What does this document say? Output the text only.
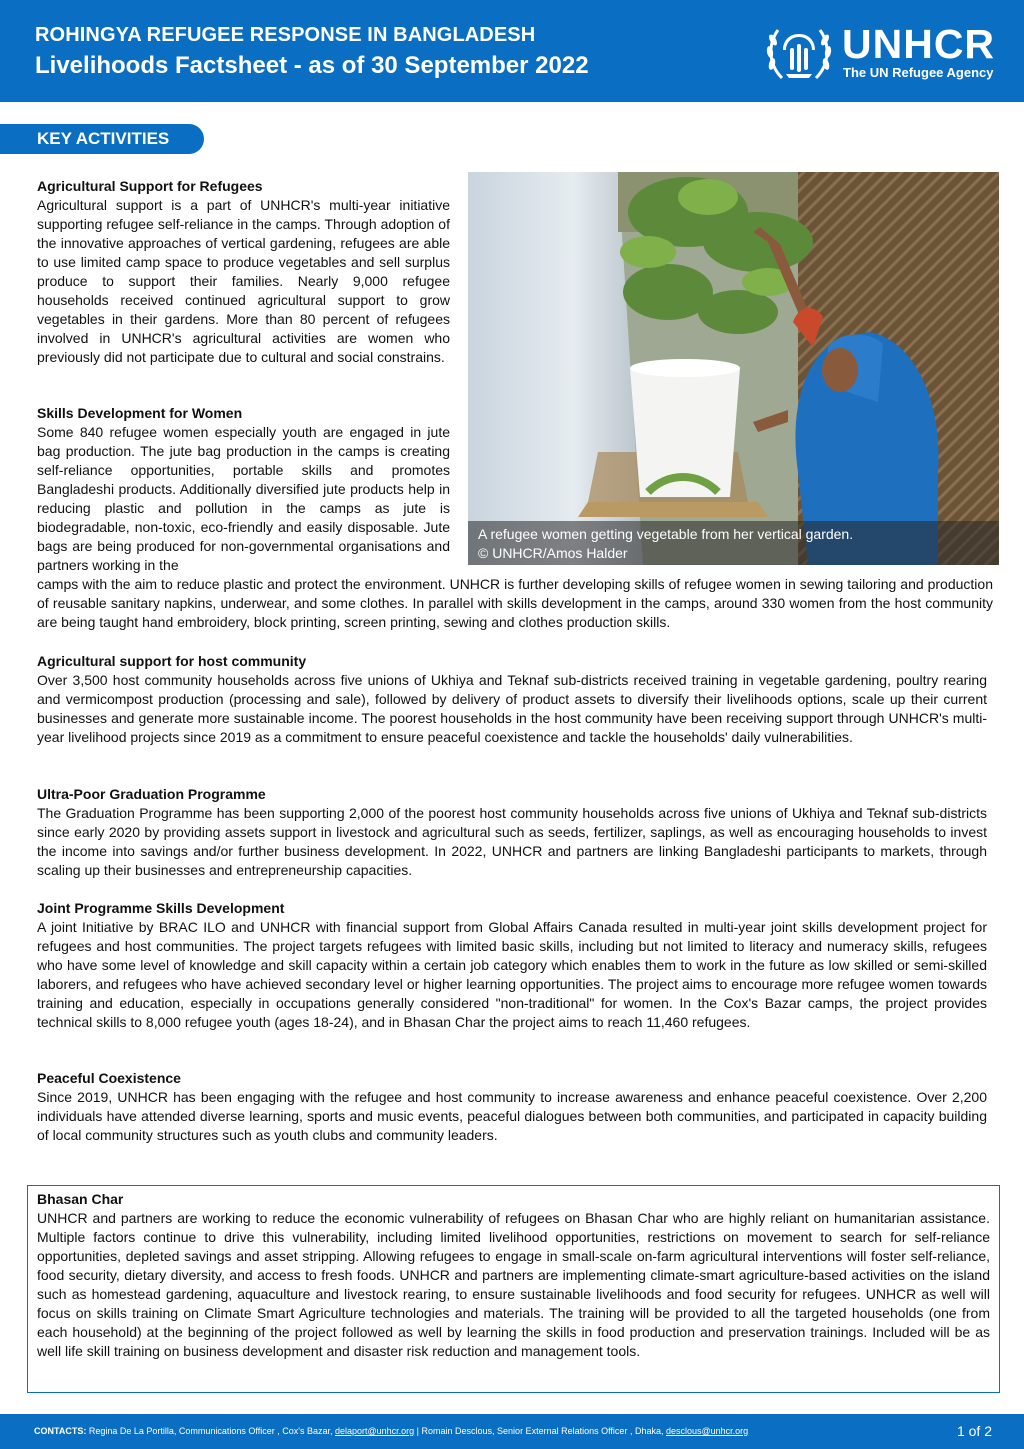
ROHINGYA REFUGEE RESPONSE IN BANGLADESH
Livelihoods Factsheet - as of 30 September 2022	UNHCR
The UN Refugee Agency
KEY ACTIVITIES
A refugee women getting vegetable from her vertical garden.
© UNHCR/Amos Halder
Agricultural Support for Refugees
Agricultural support is a part of UNHCR's multi-year initiative supporting refugee self-reliance in the camps. Through adoption of the innovative approaches of vertical gardening, refugees are able to use limited camp space to produce vegetables and sell surplus produce to support their families. Nearly 9,000 refugee households received continued agricultural support to grow vegetables in their gardens. More than 80 percent of refugees involved in UNHCR's agricultural activities are women who previously did not participate due to cultural and social constrains.
Skills Development for Women
Some 840 refugee women especially youth are engaged in jute bag production. The jute bag production in the camps is creating self-reliance opportunities, portable skills and promotes Bangladeshi products. Additionally diversified jute products help in reducing plastic and pollution in the camps as jute is biodegradable, non-toxic, eco-friendly and easily disposable. Jute bags are being produced for non-governmental organisations and partners working in the
camps with the aim to reduce plastic and protect the environment. UNHCR is further developing skills of refugee women in sewing tailoring and production of reusable sanitary napkins, underwear, and some clothes. In parallel with skills development in the camps, around 330 women from the host community are being taught hand embroidery, block printing, screen printing, sewing and clothes production skills.
Agricultural support for host community
Over 3,500 host community households across five unions of Ukhiya and Teknaf sub-districts received training in vegetable gardening, poultry rearing and vermicompost production (processing and sale), followed by delivery of product assets to diversify their livelihoods options, scale up their current businesses and generate more sustainable income. The poorest households in the host community have been receiving support through UNHCR's multi-year livelihood projects since 2019 as a commitment to ensure peaceful coexistence and tackle the households' daily vulnerabilities.
Ultra-Poor Graduation Programme
The Graduation Programme has been supporting 2,000 of the poorest host community households across five unions of Ukhiya and Teknaf sub-districts since early 2020 by providing assets support in livestock and agricultural such as seeds, fertilizer, saplings, as well as encouraging households to invest the income into savings and/or further business development. In 2022, UNHCR and partners are linking Bangladeshi participants to markets, through scaling up their businesses and entrepreneurship capacities.
Joint Programme Skills Development
A joint Initiative by BRAC ILO and UNHCR with financial support from Global Affairs Canada resulted in multi-year joint skills development project for refugees and host communities. The project targets refugees with limited basic skills, including but not limited to literacy and numeracy skills, refugees who have some level of knowledge and skill capacity within a certain job category which enables them to work in the future as low skilled or semi-skilled laborers, and refugees who have achieved secondary level or higher learning opportunities. The project aims to encourage more refugee women towards training and education, especially in occupations generally considered "non-traditional" for women. In the Cox's Bazar camps, the project provides technical skills to 8,000 refugee youth (ages 18-24), and in Bhasan Char the project aims to reach 11,460 refugees.
Peaceful Coexistence
Since 2019, UNHCR has been engaging with the refugee and host community to increase awareness and enhance peaceful coexistence. Over 2,200 individuals have attended diverse learning, sports and music events, peaceful dialogues between both communities, and participated in capacity building of local community structures such as youth clubs and community leaders.
Bhasan Char
UNHCR and partners are working to reduce the economic vulnerability of refugees on Bhasan Char who are highly reliant on humanitarian assistance. Multiple factors continue to drive this vulnerability, including limited livelihood opportunities, restrictions on movement to search for self-reliance opportunities, depleted savings and asset stripping. Allowing refugees to engage in small-scale on-farm agricultural interventions will foster self-reliance, food security, dietary diversity, and access to fresh foods. UNHCR and partners are implementing climate-smart agriculture-based activities on the island such as homestead gardening, aquaculture and livestock rearing, to ensure sustainable livelihoods and food security for refugees. UNHCR as well will focus on skills training on Climate Smart Agriculture technologies and materials. The training will be provided to all the targeted households (one from each household) at the beginning of the project followed as well by learning the skills in food production and preservation trainings. Included will be as well life skill training on business development and disaster risk reduction and management tools.
CONTACTS: Regina De La Portilla, Communications Officer , Cox's Bazar, delaport@unhcr.org | Romain Desclous, Senior External Relations Officer , Dhaka, desclous@unhcr.org	1 of 2
